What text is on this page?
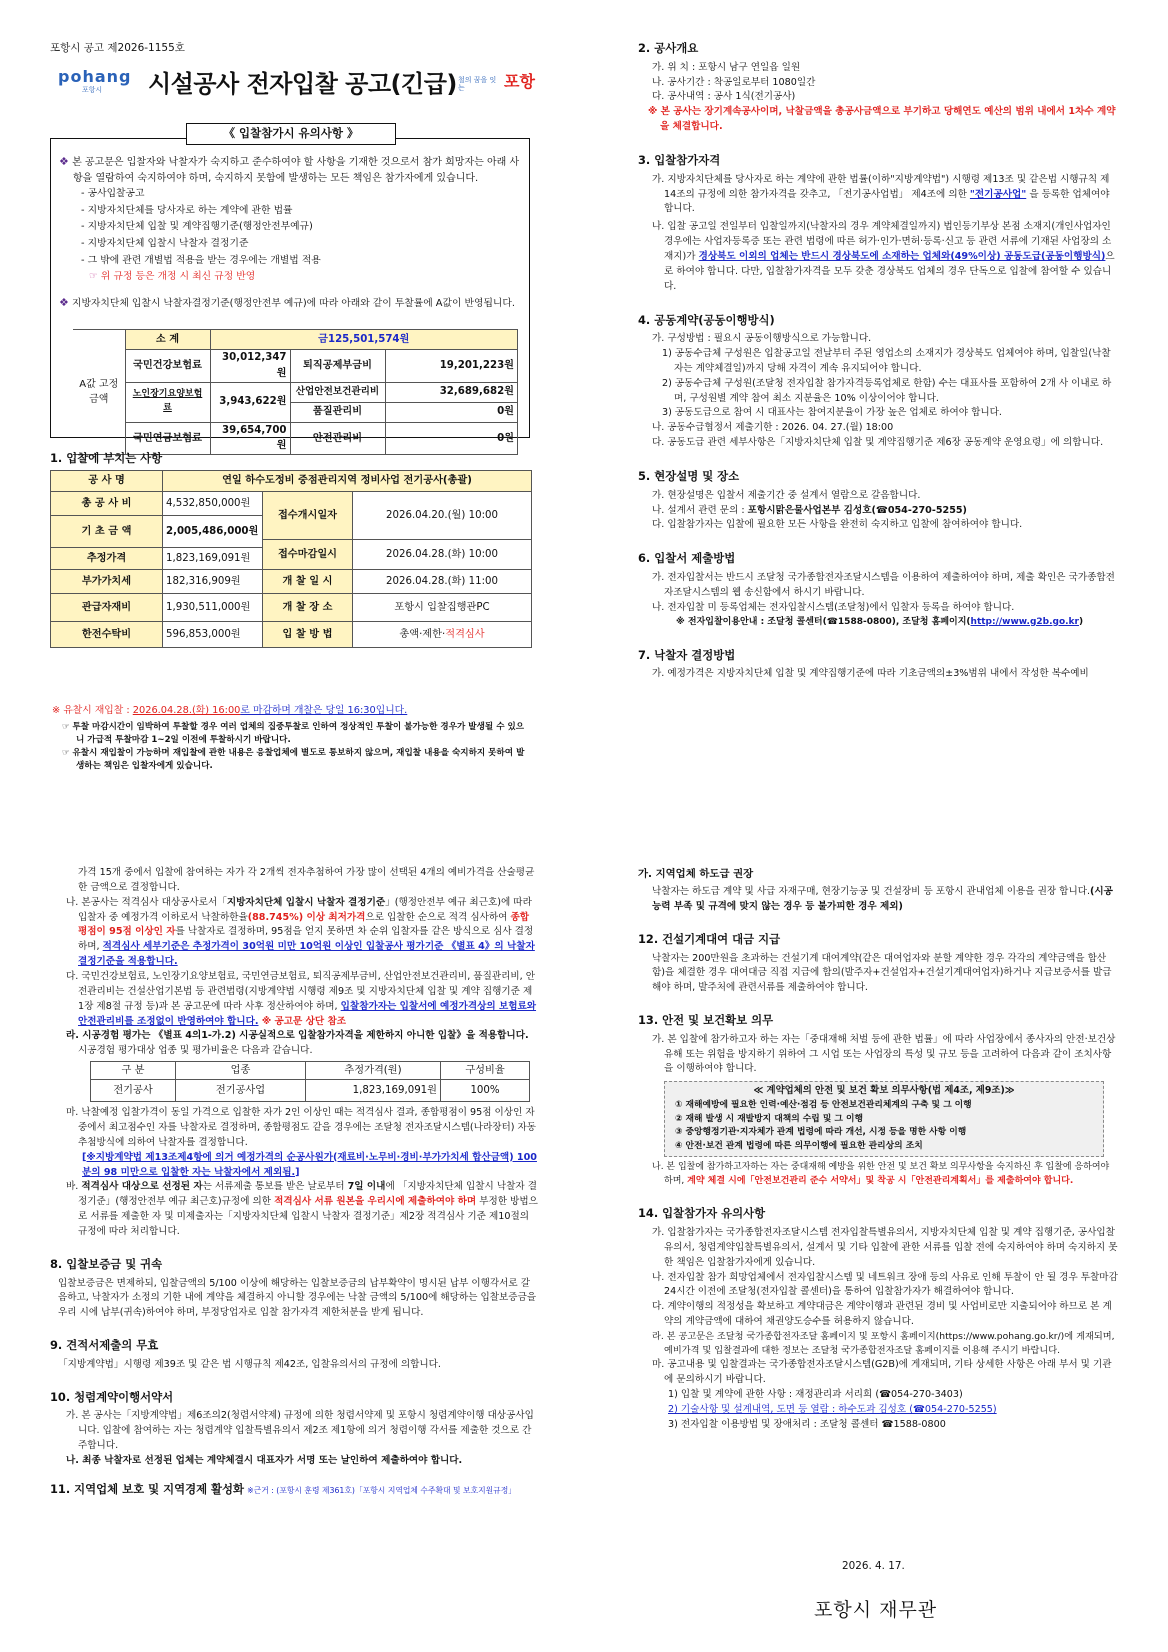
포항시 공고 제2026-1155호
pohang
포항시	시설공사 전자입찰 공고(긴급) 철의 꿈을 잇는	포항
《 입찰참가시 유의사항 》
❖ 본 공고문은 입찰자와 낙찰자가 숙지하고 준수하여야 할 사항을 기재한 것으로서 참가 희망자는 아래 사항을 열람하여 숙지하여야 하며, 숙지하지 못함에 발생하는 모든 책임은 참가자에게 있습니다.
- 공사입찰공고
- 지방자치단체를 당사자로 하는 계약에 관한 법률
- 지방자치단체 입찰 및 계약집행기준(행정안전부예규)
- 지방자치단체 입찰시 낙찰자 결정기준
- 그 밖에 관련 개별법 적용을 받는 경우에는 개별법 적용
☞ 위 규정 등은 개정 시 최신 규정 반영
❖ 지방자치단체 입찰시 낙찰자결정기준(행정안전부 예규)에 따라 아래와 같이 투찰률에 A값이 반영됩니다.
A값 고정금액	소 계	금125,501,574원		
	국민건강보험료	30,012,347원	퇴직공제부금비	19,201,223원
	노인장기요양보험료	3,943,622원	산업안전보건관리비	32,689,682원
			품질관리비	0원
	국민연금보험료	39,654,700원	안전관리비	0원
1. 입찰에 부치는 사항
공 사 명	연일 하수도정비 중점관리지역 정비사업 전기공사(총괄)		
총 공 사 비	4,532,850,000원	접수개시일자	2026.04.20.(월) 10:00
기 초 금 액	2,005,486,000원		
		접수마감일시	2026.04.28.(화) 10:00
추정가격	1,823,169,091원		
부가가치세	182,316,909원	개 찰 일 시	2026.04.28.(화) 11:00
관급자재비	1,930,511,000원	개 찰 장 소	포항시 입찰집행관PC
한전수탁비	596,853,000원	입 찰 방 법	총액·제한·적격심사
※ 유찰시 재입찰 : 2026.04.28.(화) 16:00로 마감하며 개찰은 당일 16:30입니다.
☞ 투찰 마감시간이 임박하여 투찰할 경우 여러 업체의 집중투찰로 인하여 정상적인 투찰이 불가능한 경우가 발생될 수 있으니 가급적 투찰마감 1~2일 이전에 투찰하시기 바랍니다.
☞ 유찰시 재입찰이 가능하며 재입찰에 관한 내용은 응찰업체에 별도로 통보하지 않으며, 재입찰 내용을 숙지하지 못하여 발생하는 책임은 입찰자에게 있습니다.
2. 공사개요
가. 위 치 : 포항시 남구 연일읍 일원
나. 공사기간 : 착공일로부터 1080일간
다. 공사내역 : 공사 1식(전기공사)
※ 본 공사는 장기계속공사이며, 낙찰금액을 총공사금액으로 부기하고 당해연도 예산의 범위 내에서 1차수 계약을 체결합니다.
3. 입찰참가자격
가. 지방자치단체를 당사자로 하는 계약에 관한 법률(이하"지방계약법") 시행령 제13조 및 같은법 시행규칙 제14조의 규정에 의한 참가자격을 갖추고, 「전기공사업법」 제4조에 의한 "전기공사업" 을 등록한 업체여야 합니다.
나. 입찰 공고일 전일부터 입찰일까지(낙찰자의 경우 계약체결일까지) 법인등기부상 본점 소재지(개인사업자인 경우에는 사업자등록증 또는 관련 법령에 따른 허가·인가·면허·등록·신고 등 관련 서류에 기재된 사업장의 소재지)가 경상북도 이외의 업체는 반드시 경상북도에 소재하는 업체와(49%이상) 공동도급(공동이행방식)으로 하여야 합니다. 다만, 입찰참가자격을 모두 갖춘 경상북도 업체의 경우 단독으로 입찰에 참여할 수 있습니다.
4. 공동계약(공동이행방식)
가. 구성방법 : 필요시 공동이행방식으로 가능합니다.
1) 공동수급체 구성원은 입찰공고일 전날부터 주된 영업소의 소재지가 경상북도 업체여야 하며, 입찰일(낙찰자는 계약체결일)까지 당해 자격이 계속 유지되어야 합니다.
2) 공동수급체 구성원(조달청 전자입찰 참가자격등록업체로 한함) 수는 대표사를 포함하여 2개 사 이내로 하며, 구성원별 계약 참여 최소 지분율은 10% 이상이어야 합니다.
3) 공동도급으로 참여 시 대표사는 참여지분율이 가장 높은 업체로 하여야 합니다.
나. 공동수급협정서 제출기한 : 2026. 04. 27.(월) 18:00
다. 공동도급 관련 세부사항은「지방자치단체 입찰 및 계약집행기준 제6장 공동계약 운영요령」에 의합니다.
5. 현장설명 및 장소
가. 현장설명은 입찰서 제출기간 중 설계서 열람으로 갈음합니다.
나. 설계서 관련 문의 : 포항시맑은물사업본부 김성호(☎054-270-5255)
다. 입찰참가자는 입찰에 필요한 모든 사항을 완전히 숙지하고 입찰에 참여하여야 합니다.
6. 입찰서 제출방법
가. 전자입찰서는 반드시 조달청 국가종합전자조달시스템을 이용하여 제출하여야 하며, 제출 확인은 국가종합전자조달시스템의 웹 송신함에서 하시기 바랍니다.
나. 전자입찰 미 등록업체는 전자입찰시스템(조달청)에서 입찰자 등록을 하여야 합니다.
※ 전자입찰이용안내 : 조달청 콜센터(☎1588-0800), 조달청 홈페이지(http://www.g2b.go.kr)
7. 낙찰자 결정방법
가. 예정가격은 지방자치단체 입찰 및 계약집행기준에 따라 기초금액의±3%범위 내에서 작성한 복수예비
가격 15개 중에서 입찰에 참여하는 자가 각 2개씩 전자추첨하여 가장 많이 선택된 4개의 예비가격을 산술평균한 금액으로 결정합니다.
나. 본공사는 적격심사 대상공사로서「지방자치단체 입찰시 낙찰자 결정기준」(행정안전부 예규 최근호)에 따라 입찰자 중 예정가격 이하로서 낙찰하한율(88.745%) 이상 최저가격으로 입찰한 순으로 적격 심사하여 종합평점이 95점 이상인 자를 낙찰자로 결정하며, 95점을 얻지 못하면 차 순위 입찰자를 같은 방식으로 심사 결정하며, 적격심사 세부기준은 추정가격이 30억원 미만 10억원 이상인 입찰공사 평가기준 《별표 4》의 낙찰자 결정기준을 적용합니다.
다. 국민건강보험료, 노인장기요양보험료, 국민연금보험료, 퇴직공제부금비, 산업안전보건관리비, 품질관리비, 안전관리비는 건설산업기본법 등 관련법령(지방계약법 시행령 제9조 및 지방자치단체 입찰 및 계약 집행기준 제1장 제8절 규정 등)과 본 공고문에 따라 사후 정산하여야 하며, 입찰참가자는 입찰서에 예정가격상의 보험료와 안전관리비를 조정없이 반영하여야 합니다. ※ 공고문 상단 참조
라. 시공경험 평가는 《별표 4의1-가.2) 시공실적으로 입찰참가자격을 제한하지 아니한 입찰》을 적용합니다.
시공경험 평가대상 업종 및 평가비율은 다음과 같습니다.
구 분	업종	추정가격(원)	구성비율
전기공사	전기공사업	1,823,169,091원	100%
마. 낙찰예정 입찰가격이 동일 가격으로 입찰한 자가 2인 이상인 때는 적격심사 결과, 종합평점이 95점 이상인 자 중에서 최고점수인 자를 낙찰자로 결정하며, 종합평점도 같을 경우에는 조달청 전자조달시스템(나라장터) 자동추첨방식에 의하여 낙찰자를 결정합니다.
[※지방계약법 제13조제4항에 의거 예정가격의 순공사원가(재료비·노무비·경비·부가가치세 합산금액) 100분의 98 미만으로 입찰한 자는 낙찰자에서 제외됨.]
바. 적격심사 대상으로 선정된 자는 서류제출 통보를 받은 날로부터 7일 이내에 「지방자치단체 입찰시 낙찰자 결정기준」(행정안전부 예규 최근호)규정에 의한 적격심사 서류 원본을 우리시에 제출하여야 하며 부정한 방법으로 서류를 제출한 자 및 미제출자는「지방자치단체 입찰시 낙찰자 결정기준」제2장 적격심사 기준 제10절의 규정에 따라 처리합니다.
8. 입찰보증금 및 귀속
입찰보증금은 면제하되, 입찰금액의 5/100 이상에 해당하는 입찰보증금의 납부확약이 명시된 납부 이행각서로 갈음하고, 낙찰자가 소정의 기한 내에 계약을 체결하지 아니할 경우에는 낙찰 금액의 5/100에 해당하는 입찰보증금을 우리 시에 납부(귀속)하여야 하며, 부정당업자로 입찰 참가자격 제한처분을 받게 됩니다.
9. 견적서제출의 무효
「지방계약법」시행령 제39조 및 같은 법 시행규칙 제42조, 입찰유의서의 규정에 의합니다.
10. 청렴계약이행서약서
가. 본 공사는「지방계약법」제6조의2(청렴서약제) 규정에 의한 청렴서약제 및 포항시 청렴계약이행 대상공사입니다. 입찰에 참여하는 자는 청렴계약 입찰특별유의서 제2조 제1항에 의거 청렴이행 각서를 제출한 것으로 간주합니다.
나. 최종 낙찰자로 선정된 업체는 계약체결시 대표자가 서명 또는 날인하여 제출하여야 합니다.
11. 지역업체 보호 및 지역경제 활성화 ※근거 : (포항시 훈령 제361호)「포항시 지역업체 수주확대 및 보호지원규정」
가. 지역업체 하도급 권장
낙찰자는 하도급 계약 및 사급 자재구매, 현장기능공 및 건설장비 등 포항시 관내업체 이용을 권장 합니다.(시공능력 부족 및 규격에 맞지 않는 경우 등 불가피한 경우 제외)
12. 건설기계대여 대금 지급
낙찰자는 200만원을 초과하는 건설기계 대여계약(같은 대여업자와 분할 계약한 경우 각각의 계약금액을 합산함)을 체결한 경우 대여대금 직접 지급에 합의(발주자+건설업자+건설기계대여업자)하거나 지급보증서를 발급해야 하며, 발주처에 관련서류를 제출하여야 합니다.
13. 안전 및 보건확보 의무
가. 본 입찰에 참가하고자 하는 자는「중대재해 처벌 등에 관한 법률」에 따라 사업장에서 종사자의 안전·보건상 유해 또는 위험을 방지하기 위하여 그 시업 또는 사업장의 특성 및 규모 등을 고려하여 다음과 같이 조치사항을 이행하여야 합니다.
≪ 계약업체의 안전 및 보건 확보 의무사항(법 제4조, 제9조)≫
① 재해예방에 필요한 인력·예산·점검 등 안전보건관리체계의 구축 및 그 이행
② 재해 발생 시 재발방지 대책의 수립 및 그 이행
③ 중앙행정기관·지자체가 관계 법령에 따라 개선, 시정 등을 명한 사항 이행
④ 안전·보건 관계 법령에 따른 의무이행에 필요한 관리상의 조치
나. 본 입찰에 참가하고자하는 자는 중대재해 예방을 위한 안전 및 보건 확보 의무사항을 숙지하신 후 입찰에 응하여야 하며, 계약 체결 시에「안전보건관리 준수 서약서」및 착공 시「안전관리계획서」를 제출하여야 합니다.
14. 입찰참가자 유의사항
가. 입찰참가자는 국가종합전자조달시스템 전자입찰특별유의서, 지방자치단체 입찰 및 계약 집행기준, 공사입찰유의서, 청렴계약입찰특별유의서, 설계서 및 기타 입찰에 관한 서류를 입찰 전에 숙지하여야 하며 숙지하지 못한 책임은 입찰참가자에게 있습니다.
나. 전자입찰 참가 희망업체에서 전자입찰시스템 및 네트워크 장애 등의 사유로 인해 투찰이 안 될 경우 투찰마감 24시간 이전에 조달청(전자입찰 콜센터)을 통하여 입찰참가자가 해결하여야 합니다.
다. 계약이행의 적정성을 확보하고 계약대금은 계약이행과 관련된 경비 및 사업비로만 지출되어야 하므로 본 계약의 계약금액에 대하여 채권양도승수를 허용하지 않습니다.
라. 본 공고문은 조달청 국가종합전자조달 홈페이지 및 포항시 홈페이지(https://www.pohang.go.kr/)에 게재되며, 예비가격 및 입찰결과에 대한 정보는 조달청 국가종합전자조달 홈페이지를 이용해 주시기 바랍니다.
마. 공고내용 및 입찰결과는 국가종합전자조달시스템(G2B)에 게재되며, 기타 상세한 사항은 아래 부서 및 기관에 문의하시기 바랍니다.
1) 입찰 및 계약에 관한 사항 : 재정관리과 서리희 (☎054-270-3403)
2) 기술사항 및 설계내역, 도면 등 열람 : 하수도과 김성호 (☎054-270-5255)
3) 전자입찰 이용방법 및 장애처리 : 조달청 콜센터 ☎1588-0800
2026. 4. 17.
포항시 재무관
